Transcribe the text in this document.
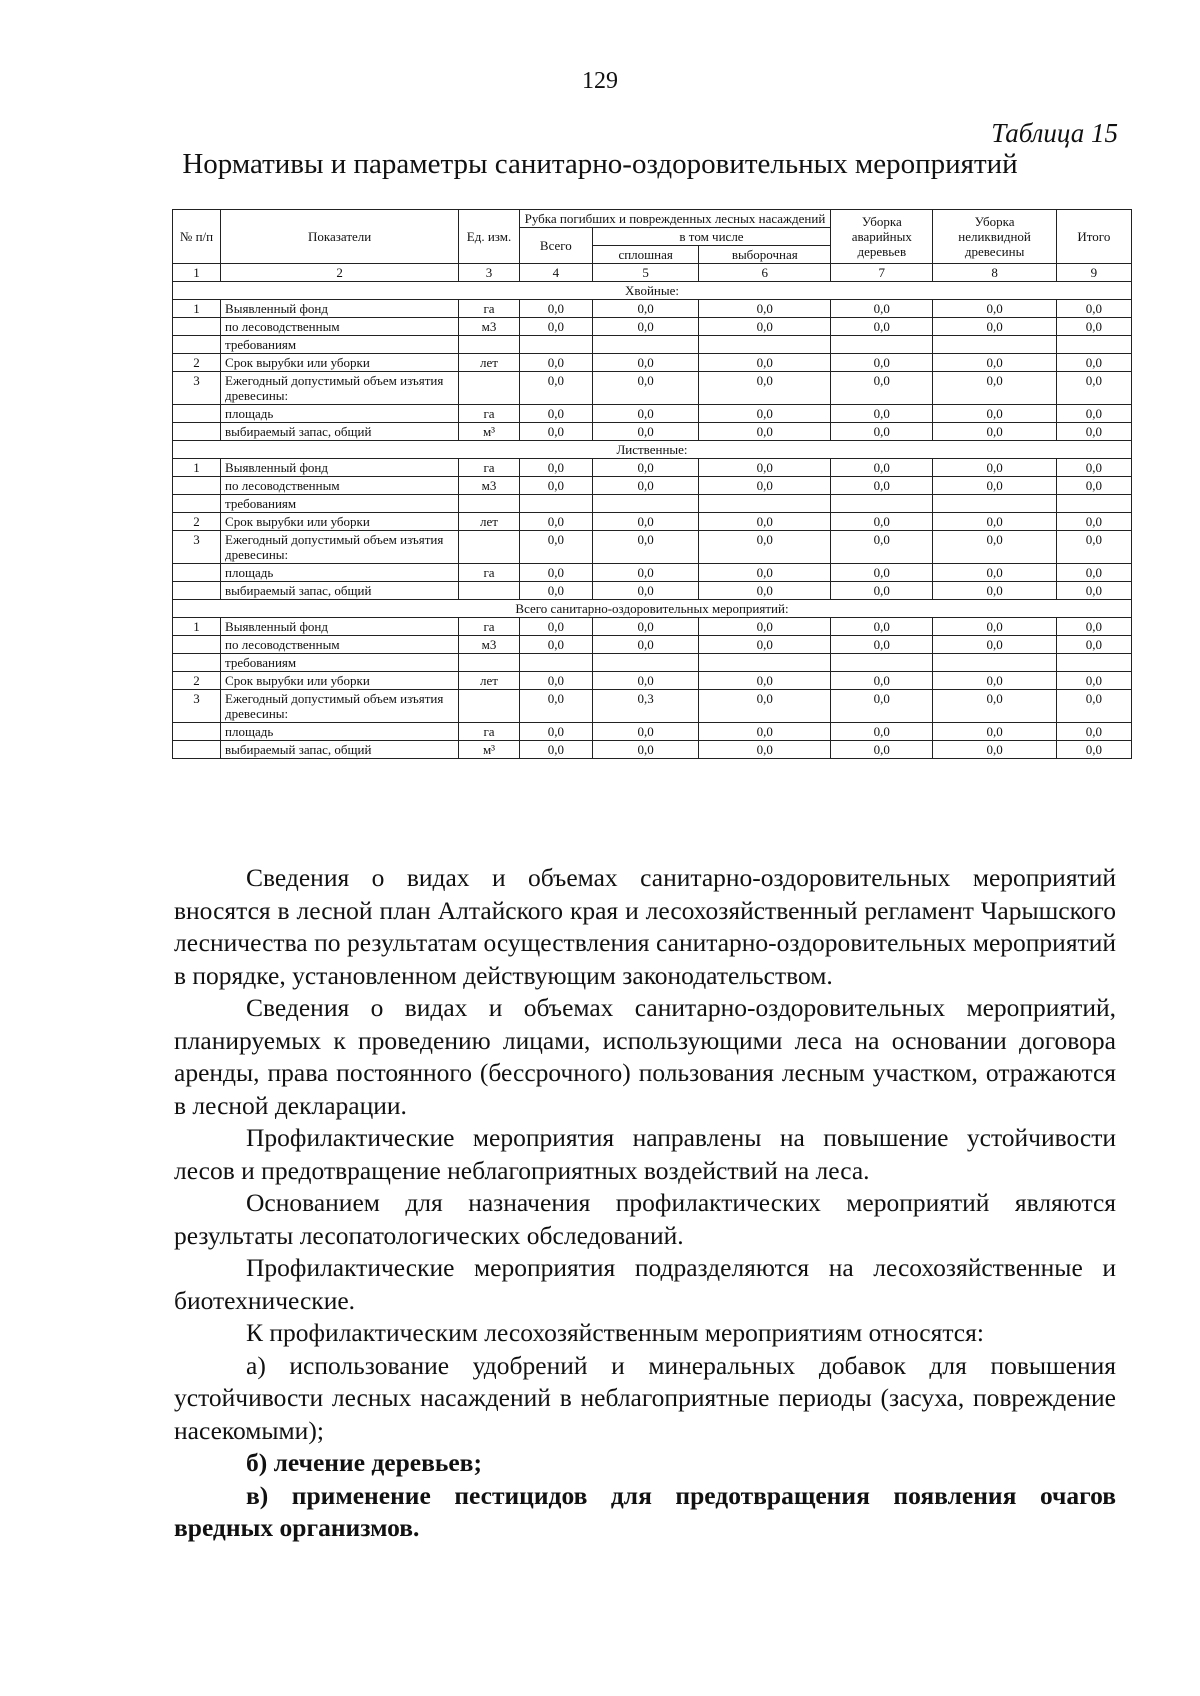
129
Таблица 15
Нормативы и параметры санитарно-оздоровительных мероприятий
№ п/п	Показатели	Ед. изм.	Рубка погибших и поврежденных лесных насаждений			Уборка аварийных деревьев	Уборка неликвидной древесины	Итого
			Всего	в том числе				
				сплошная	выборочная			
1	2	3	4	5	6	7	8	9
Хвойные:								
1	Выявленный фонд	га	0,0	0,0	0,0	0,0	0,0	0,0
	по лесоводственным	м3	0,0	0,0	0,0	0,0	0,0	0,0
	требованиям							
2	Срок вырубки или уборки	лет	0,0	0,0	0,0	0,0	0,0	0,0
3	Ежегодный допустимый объем изъятия древесины:		0,0	0,0	0,0	0,0	0,0	0,0
	площадь	га	0,0	0,0	0,0	0,0	0,0	0,0
	выбираемый запас, общий	м³	0,0	0,0	0,0	0,0	0,0	0,0
Лиственные:								
1	Выявленный фонд	га	0,0	0,0	0,0	0,0	0,0	0,0
	по лесоводственным	м3	0,0	0,0	0,0	0,0	0,0	0,0
	требованиям							
2	Срок вырубки или уборки	лет	0,0	0,0	0,0	0,0	0,0	0,0
3	Ежегодный допустимый объем изъятия древесины:		0,0	0,0	0,0	0,0	0,0	0,0
	площадь	га	0,0	0,0	0,0	0,0	0,0	0,0
	выбираемый запас, общий		0,0	0,0	0,0	0,0	0,0	0,0
Всего санитарно-оздоровительных мероприятий:								
1	Выявленный фонд	га	0,0	0,0	0,0	0,0	0,0	0,0
	по лесоводственным	м3	0,0	0,0	0,0	0,0	0,0	0,0
	требованиям							
2	Срок вырубки или уборки	лет	0,0	0,0	0,0	0,0	0,0	0,0
3	Ежегодный допустимый объем изъятия древесины:		0,0	0,3	0,0	0,0	0,0	0,0
	площадь	га	0,0	0,0	0,0	0,0	0,0	0,0
	выбираемый запас, общий	м³	0,0	0,0	0,0	0,0	0,0	0,0

Сведения о видах и объемах санитарно-оздоровительных мероприятий вносятся в лесной план Алтайского края и лесохозяйственный регламент Чарышского лесничества по результатам осуществления санитарно-оздоровительных мероприятий в порядке, установленном действующим законодательством.

Сведения о видах и объемах санитарно-оздоровительных мероприятий, планируемых к проведению лицами, использующими леса на основании договора аренды, права постоянного (бессрочного) пользования лесным участком, отражаются в лесной декларации.

Профилактические мероприятия направлены на повышение устойчивости лесов и предотвращение неблагоприятных воздействий на леса.

Основанием для назначения профилактических мероприятий являются результаты лесопатологических обследований.

Профилактические мероприятия подразделяются на лесохозяйственные и биотехнические.

К профилактическим лесохозяйственным мероприятиям относятся:

а) использование удобрений и минеральных добавок для повышения устойчивости лесных насаждений в неблагоприятные периоды (засуха, повреждение насекомыми);

б) лечение деревьев;

в) применение пестицидов для предотвращения появления очагов вредных организмов.
